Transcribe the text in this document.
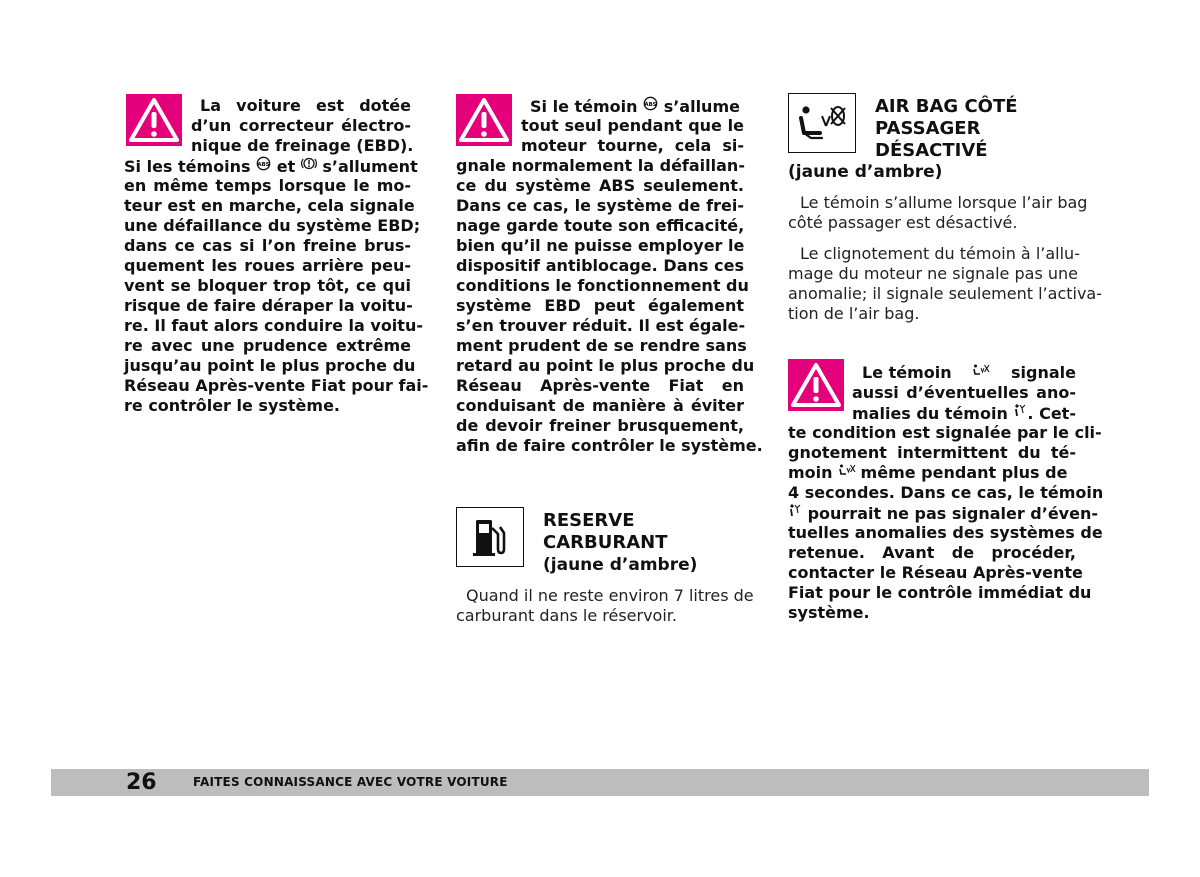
La voiture est dotée
d’un correcteur électro-
nique de freinage (EBD).
Si les témoins ABS et s’allument
en même temps lorsque le mo-
teur est en marche, cela signale
une défaillance du système EBD;
dans ce cas si l’on freine brus-
quement les roues arrière peu-
vent se bloquer trop tôt, ce qui
risque de faire déraper la voitu-
re. Il faut alors conduire la voitu-
re avec une prudence extrême
jusqu’au point le plus proche du
Réseau Après-vente Fiat pour fai-
re contrôler le système.
Si le témoin ABS s’allume
tout seul pendant que le
moteur tourne, cela si-
gnale normalement la défaillan-
ce du système ABS seulement.
Dans ce cas, le système de frei-
nage garde toute son efficacité,
bien qu’il ne puisse employer le
dispositif antiblocage. Dans ces
conditions le fonctionnement du
système EBD peut également
s’en trouver réduit. Il est égale-
ment prudent de se rendre sans
retard au point le plus proche du
Réseau Après-vente Fiat en
conduisant de manière à éviter
de devoir freiner brusquement,
afin de faire contrôler le système.
RESERVE
CARBURANT
(jaune d’ambre)
Quand il ne reste environ 7 litres de
carburant dans le réservoir.
AIR BAG CÔTÉ
PASSAGER
DÉSACTIVÉ
(jaune d’ambre)
Le témoin s’allume lorsque l’air bag
côté passager est désactivé.
Le clignotement du témoin à l’allu-
mage du moteur ne signale pas une
anomalie; il signale seulement l’activa-
tion de l’air bag.
Le témoin	signale
aussi d’éventuelles ano-
malies du témoin . Cet-
te condition est signalée par le cli-
gnotement intermittent du té-
moin même pendant plus de
4 secondes. Dans ce cas, le témoin
pourrait ne pas signaler d’éven-
tuelles anomalies des systèmes de
retenue. Avant de procéder,
contacter le Réseau Après-vente
Fiat pour le contrôle immédiat du
système.
26	FAITES CONNAISSANCE AVEC VOTRE VOITURE
